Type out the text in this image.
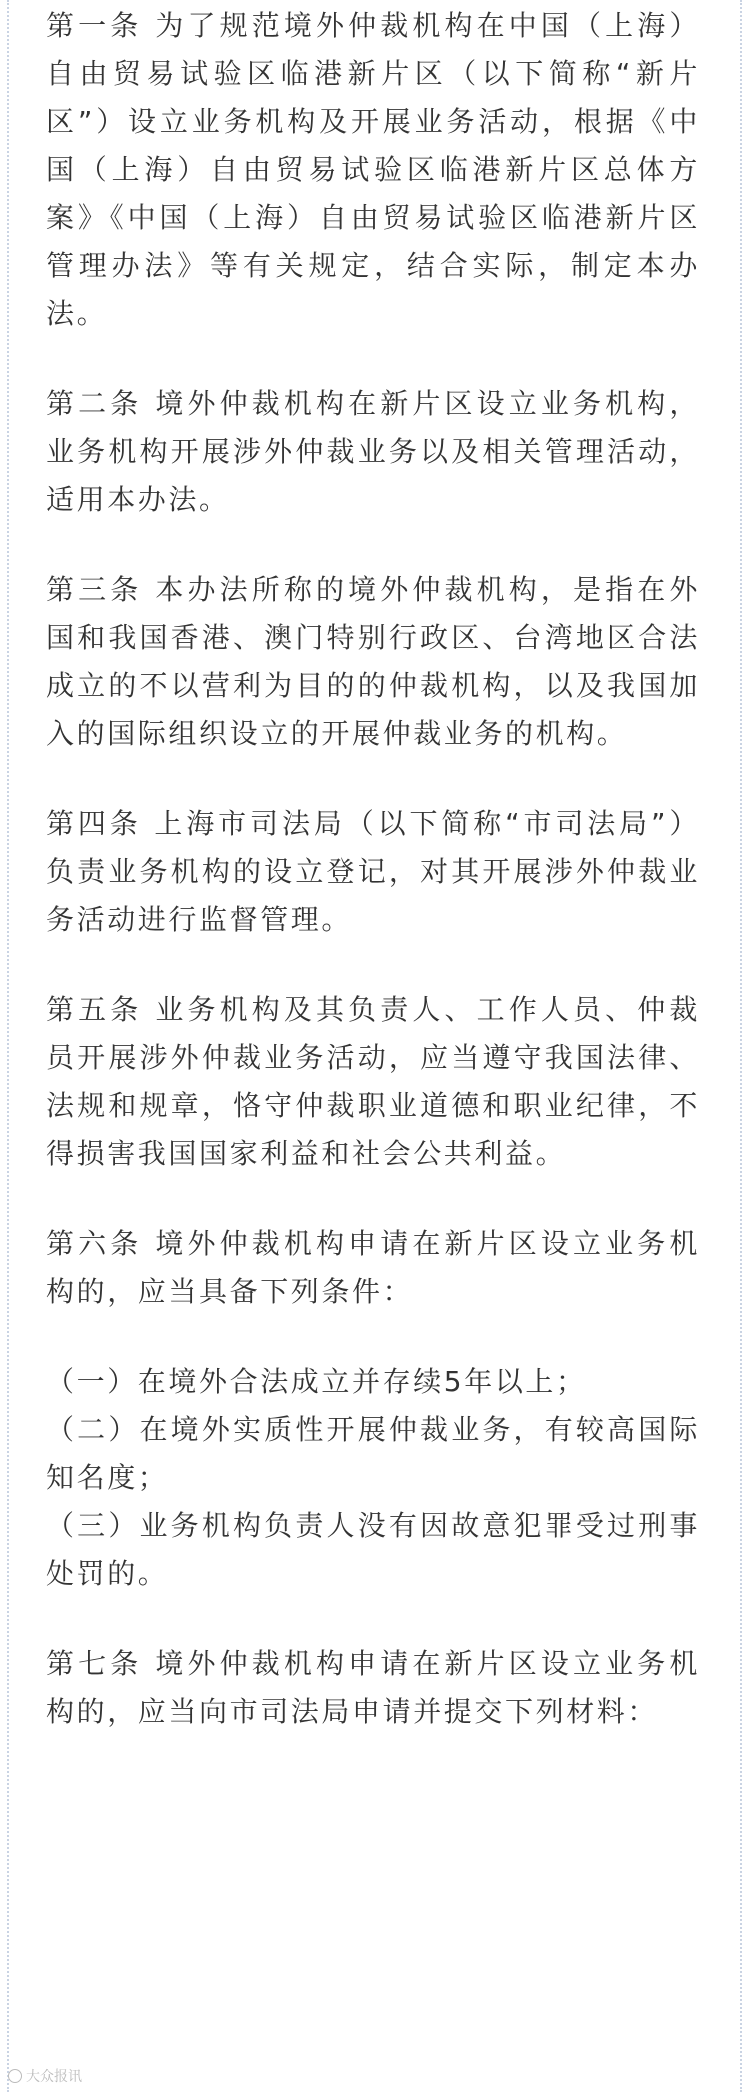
第一条 为了规范境外仲裁机构在中国（上海）自由贸易试验区临港新片区（以下简称“新片区”）设立业务机构及开展业务活动，根据《中国（上海）自由贸易试验区临港新片区总体方案》《中国（上海）自由贸易试验区临港新片区管理办法》等有关规定，结合实际，制定本办法。

第二条 境外仲裁机构在新片区设立业务机构，业务机构开展涉外仲裁业务以及相关管理活动，适用本办法。

第三条 本办法所称的境外仲裁机构，是指在外国和我国香港、澳门特别行政区、台湾地区合法成立的不以营利为目的的仲裁机构，以及我国加入的国际组织设立的开展仲裁业务的机构。

第四条 上海市司法局（以下简称“市司法局”）负责业务机构的设立登记，对其开展涉外仲裁业务活动进行监督管理。

第五条 业务机构及其负责人、工作人员、仲裁员开展涉外仲裁业务活动，应当遵守我国法律、法规和规章，恪守仲裁职业道德和职业纪律，不得损害我国国家利益和社会公共利益。

第六条 境外仲裁机构申请在新片区设立业务机构的，应当具备下列条件：

（一）在境外合法成立并存续5年以上；

（二）在境外实质性开展仲裁业务，有较高国际知名度；

（三）业务机构负责人没有因故意犯罪受过刑事处罚的。

第七条 境外仲裁机构申请在新片区设立业务机构的，应当向市司法局申请并提交下列材料：

大众报讯
